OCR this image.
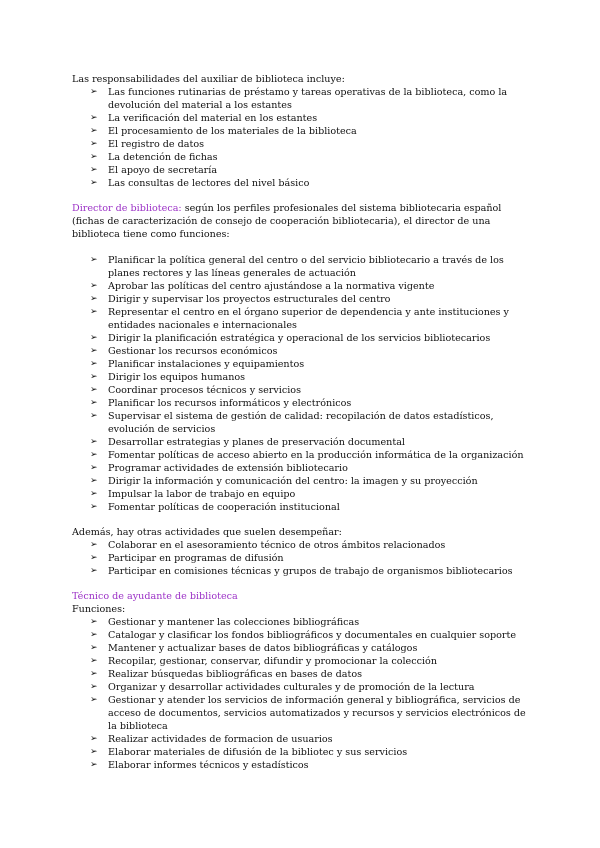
Las responsabilidades del auxiliar de biblioteca incluye:
➢ Las funciones rutinarias de préstamo y tareas operativas de la biblioteca, como la devolución del material a los estantes
➢ La verificación del material en los estantes
➢ El procesamiento de los materiales de la biblioteca
➢ El registro de datos
➢ La detención de fichas
➢ El apoyo de secretaría
➢ Las consultas de lectores del nivel básico
Director de biblioteca: según los perfiles profesionales del sistema bibliotecaria español (fichas de caracterización de consejo de cooperación bibliotecaria), el director de una biblioteca tiene como funciones:
➢ Planificar la política general del centro o del servicio bibliotecario a través de los planes rectores y las líneas generales de actuación
➢ Aprobar las políticas del centro ajustándose a la normativa vigente
➢ Dirigir y supervisar los proyectos estructurales del centro
➢ Representar el centro en el órgano superior de dependencia y ante instituciones y entidades nacionales e internacionales
➢ Dirigir la planificación estratégica y operacional de los servicios bibliotecarios
➢ Gestionar los recursos económicos
➢ Planificar instalaciones y equipamientos
➢ Dirigir los equipos humanos
➢ Coordinar procesos técnicos y servicios
➢ Planificar los recursos informáticos y electrónicos
➢ Supervisar el sistema de gestión de calidad: recopilación de datos estadísticos, evolución de servicios
➢ Desarrollar estrategias y planes de preservación documental
➢ Fomentar políticas de acceso abierto en la producción informática de la organización
➢ Programar actividades de extensión bibliotecario
➢ Dirigir la información y comunicación del centro: la imagen y su proyección
➢ Impulsar la labor de trabajo en equipo
➢ Fomentar políticas de cooperación institucional
Además, hay otras actividades que suelen desempeñar:
➢ Colaborar en el asesoramiento técnico de otros ámbitos relacionados
➢ Participar en programas de difusión
➢ Participar en comisiones técnicas y grupos de trabajo de organismos bibliotecarios
Técnico de ayudante de biblioteca
Funciones:
➢ Gestionar y mantener las colecciones bibliográficas
➢ Catalogar y clasificar los fondos bibliográficos y documentales en cualquier soporte
➢ Mantener y actualizar bases de datos bibliográficas y catálogos
➢ Recopilar, gestionar, conservar, difundir y promocionar la colección
➢ Realizar búsquedas bibliográficas en bases de datos
➢ Organizar y desarrollar actividades culturales y de promoción de la lectura
➢ Gestionar y atender los servicios de información general y bibliográfica, servicios de acceso de documentos, servicios automatizados y recursos y servicios electrónicos de la biblioteca
➢ Realizar actividades de formacion de usuarios
➢ Elaborar materiales de difusión de la bibliotec y sus servicios
➢ Elaborar informes técnicos y estadísticos
